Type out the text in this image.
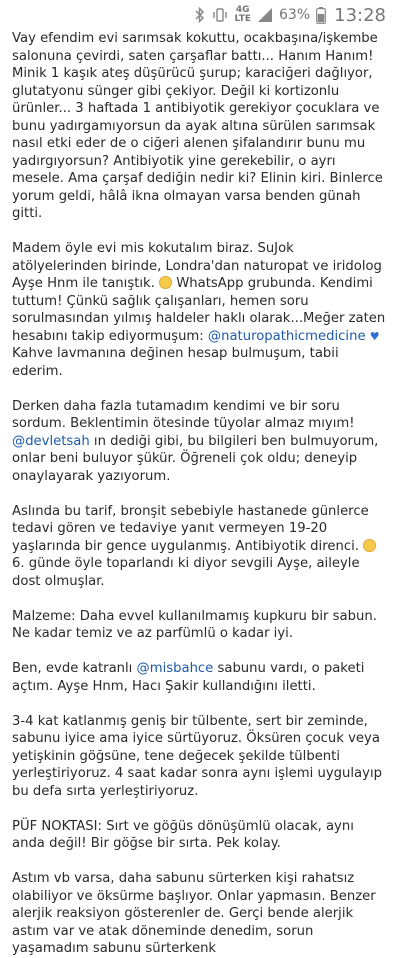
4G
LTE 63% 13:28

Vay efendim evi sarımsak kokuttu, ocakbaşına/işkembe salonuna çevirdi, saten çarşaflar battı... Hanım Hanım! Minik 1 kaşık ateş düşürücü şurup; karaciğeri dağlıyor, glutatyonu sünger gibi çekiyor. Değil ki kortizonlu ürünler... 3 haftada 1 antibiyotik gerekiyor çocuklara ve bunu yadırgamıyorsun da ayak altına sürülen sarımsak nasıl etki eder de o ciğeri alenen şifalandırır bunu mu yadırgıyorsun? Antibiyotik yine gerekebilir, o ayrı mesele. Ama çarşaf dediğin nedir ki? Elinin kiri. Binlerce yorum geldi, hâlâ ikna olmayan varsa benden günah gitti.

Madem öyle evi mis kokutalım biraz. SuJok atölyelerinden birinde, Londra'dan naturopat ve iridolog Ayşe Hnm ile tanıştık.  WhatsApp grubunda. Kendimi tuttum! Çünkü sağlık çalışanları, hemen soru sorulmasından yılmış haldeler haklı olarak...Meğer zaten hesabını takip ediyormuşum: @naturopathicmedicine ♥ Kahve lavmanına değinen hesap bulmuşum, tabii ederim.

Derken daha fazla tutamadım kendimi ve bir soru sordum. Beklentimin ötesinde tüyolar almaz mıyım! @devletsah ın dediği gibi, bu bilgileri ben bulmuyorum, onlar beni buluyor şükür. Öğreneli çok oldu; deneyip onaylayarak yazıyorum.

Aslında bu tarif, bronşit sebebiyle hastanede günlerce tedavi gören ve tedaviye yanıt vermeyen 19-20 yaşlarında bir gence uygulanmış. Antibiyotik direnci.  6. günde öyle toparlandı ki diyor sevgili Ayşe, aileyle dost olmuşlar.

Malzeme: Daha evvel kullanılmamış kupkuru bir sabun. Ne kadar temiz ve az parfümlü o kadar iyi.

Ben, evde katranlı @misbahce sabunu vardı, o paketi açtım. Ayşe Hnm, Hacı Şakir kullandığını iletti.

3-4 kat katlanmış geniş bir tülbente, sert bir zeminde, sabunu iyice ama iyice sürtüyoruz. Öksüren çocuk veya yetişkinin göğsüne, tene değecek şekilde tülbenti yerleştiriyoruz. 4 saat kadar sonra aynı işlemi uygulayıp bu defa sırta yerleştiriyoruz.

PÜF NOKTASI: Sırt ve göğüs dönüşümlü olacak, aynı anda değil! Bir göğse bir sırta. Pek kolay.

Astım vb varsa, daha sabunu sürterken kişi rahatsız olabiliyor ve öksürme başlıyor. Onlar yapmasın. Benzer alerjik reaksiyon gösterenler de. Gerçi bende alerjik astım var ve atak döneminde denedim, sorun yaşamadım sabunu sürterkenk
